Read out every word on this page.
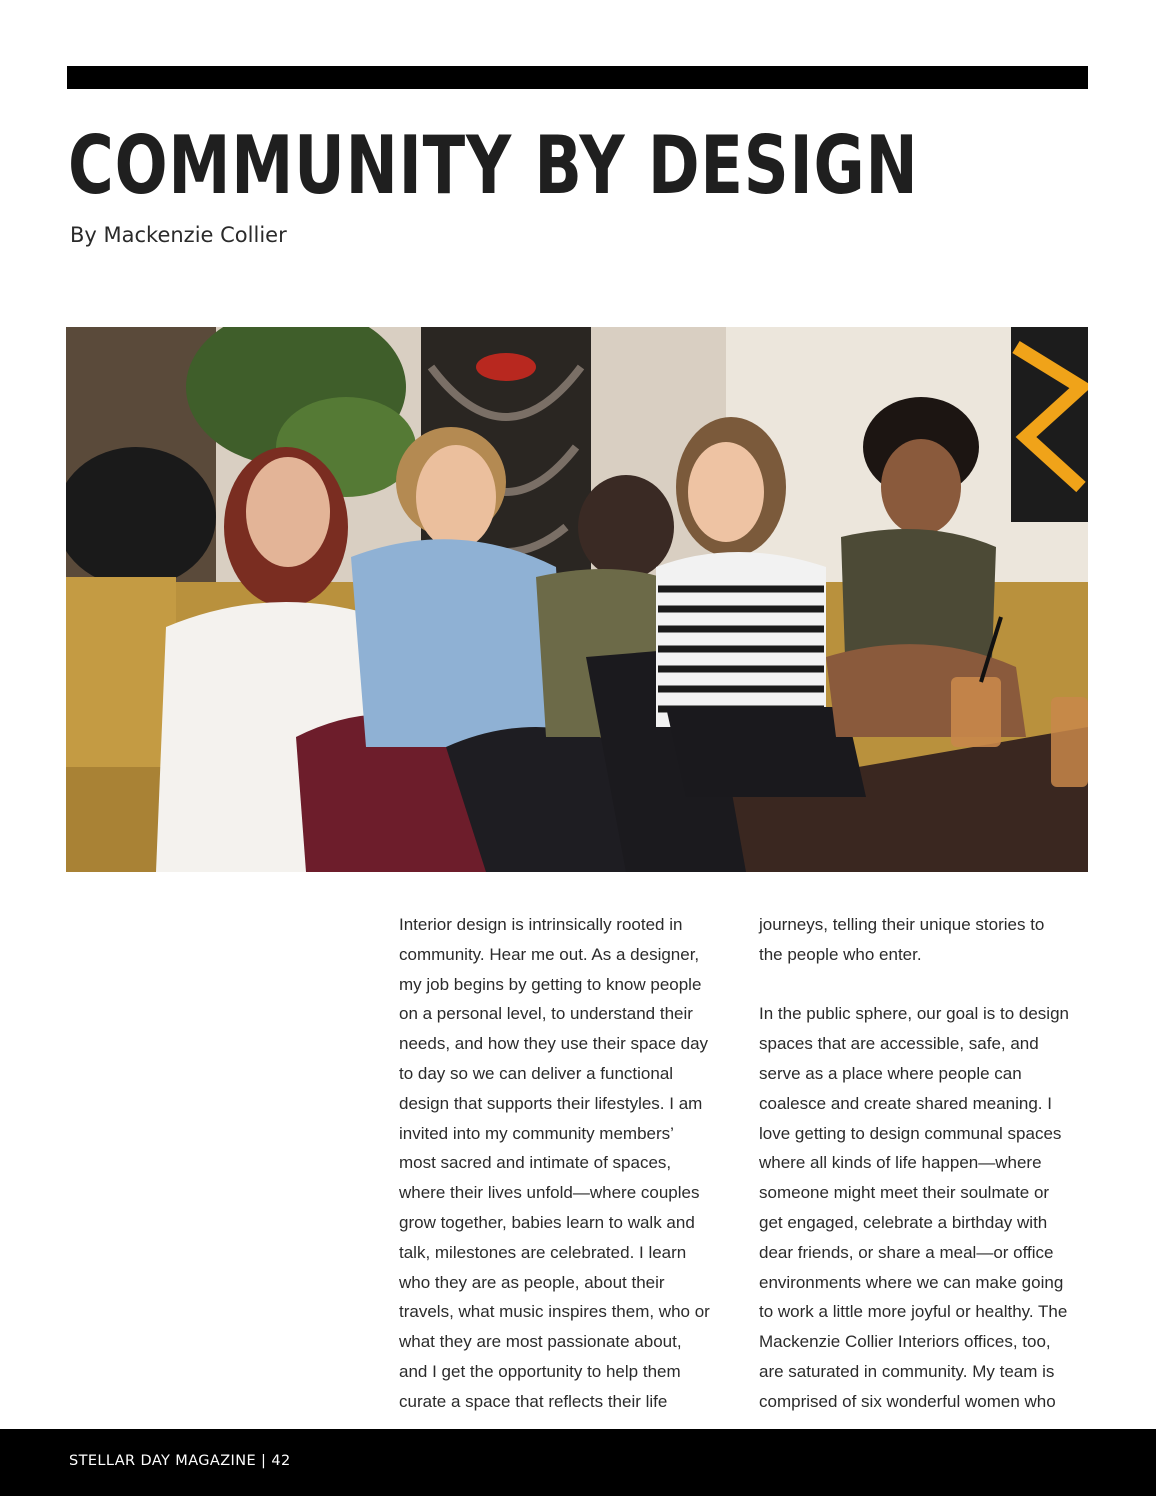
COMMUNITY BY DESIGN
By Mackenzie Collier

Interior design is intrinsically rooted in
community. Hear me out. As a designer,
my job begins by getting to know people
on a personal level, to understand their
needs, and how they use their space day
to day so we can deliver a functional
design that supports their lifestyles. I am
invited into my community members’
most sacred and intimate of spaces,
where their lives unfold—where couples
grow together, babies learn to walk and
talk, milestones are celebrated. I learn
who they are as people, about their
travels, what music inspires them, who or
what they are most passionate about,
and I get the opportunity to help them
curate a space that reflects their life

journeys, telling their unique stories to
the people who enter.

In the public sphere, our goal is to design
spaces that are accessible, safe, and
serve as a place where people can
coalesce and create shared meaning. I
love getting to design communal spaces
where all kinds of life happen—where
someone might meet their soulmate or
get engaged, celebrate a birthday with
dear friends, or share a meal—or office
environments where we can make going
to work a little more joyful or healthy. The
Mackenzie Collier Interiors offices, too,
are saturated in community. My team is
comprised of six wonderful women who

STELLAR DAY MAGAZINE | 42
